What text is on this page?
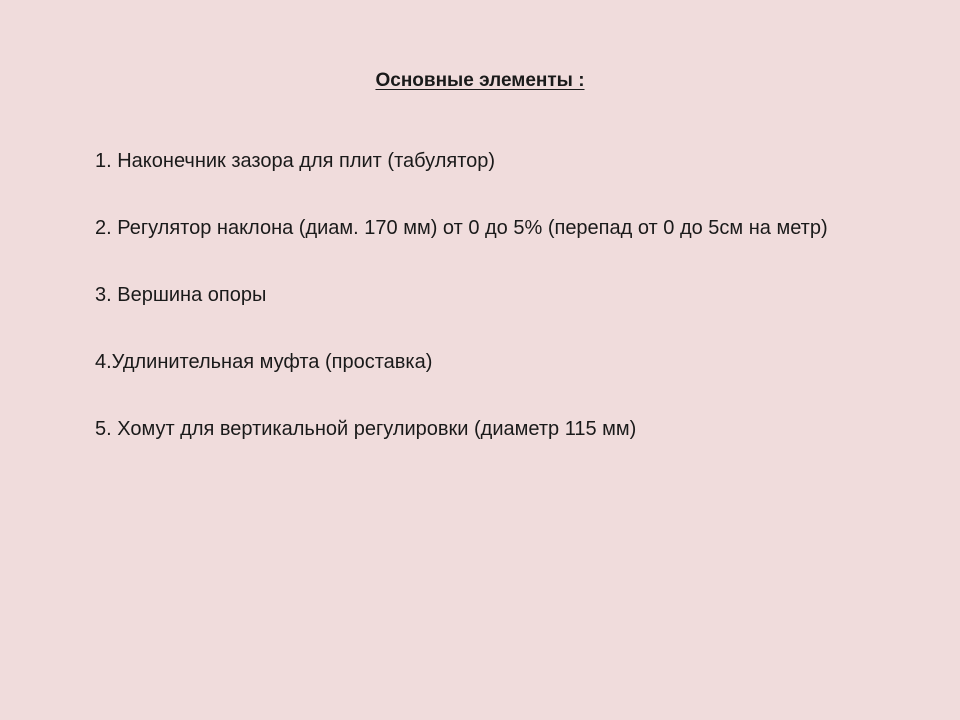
Основные элементы :
1. Наконечник зазора для плит (табулятор)
2. Регулятор наклона (диам. 170 мм) от 0 до 5% (перепад от 0 до 5см на метр)
3. Вершина опоры
4.Удлинительная муфта (проставка)
5. Хомут для вертикальной регулировки (диаметр 115 мм)
